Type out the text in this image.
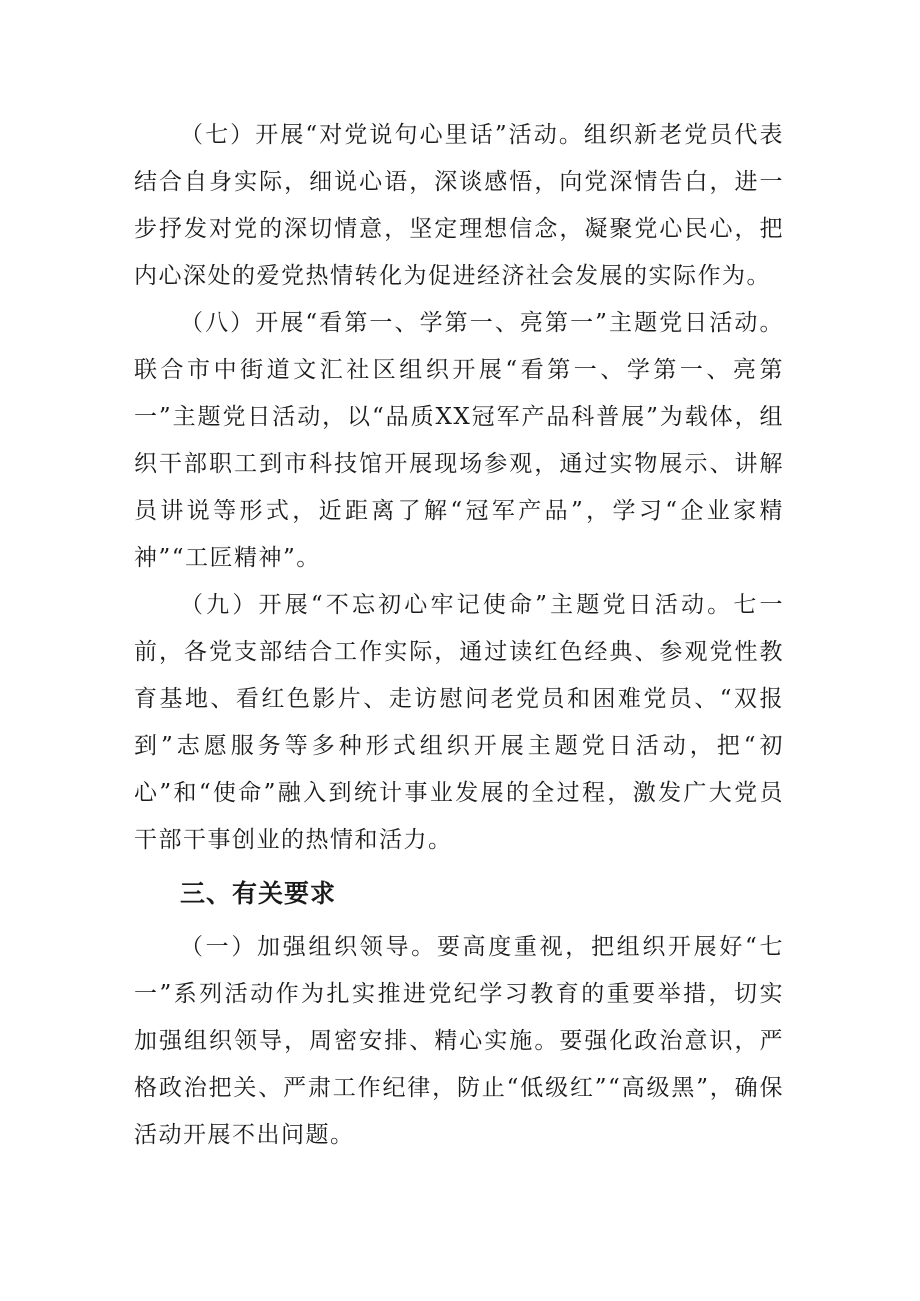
（七）开展“对党说句心里话”活动。组织新老党员代表结合自身实际，细说心语，深谈感悟，向党深情告白，进一步抒发对党的深切情意，坚定理想信念，凝聚党心民心，把内心深处的爱党热情转化为促进经济社会发展的实际作为。

（八）开展“看第一、学第一、亮第一”主题党日活动。联合市中街道文汇社区组织开展“看第一、学第一、亮第一”主题党日活动，以“品质XX冠军产品科普展”为载体，组织干部职工到市科技馆开展现场参观，通过实物展示、讲解员讲说等形式，近距离了解“冠军产品”，学习“企业家精神”“工匠精神”。

（九）开展“不忘初心牢记使命”主题党日活动。七一前，各党支部结合工作实际，通过读红色经典、参观党性教育基地、看红色影片、走访慰问老党员和困难党员、“双报到”志愿服务等多种形式组织开展主题党日活动，把“初心”和“使命”融入到统计事业发展的全过程，激发广大党员干部干事创业的热情和活力。

三、有关要求

（一）加强组织领导。要高度重视，把组织开展好“七一”系列活动作为扎实推进党纪学习教育的重要举措，切实加强组织领导，周密安排、精心实施。要强化政治意识，严格政治把关、严肃工作纪律，防止“低级红”“高级黑”，确保活动开展不出问题。
